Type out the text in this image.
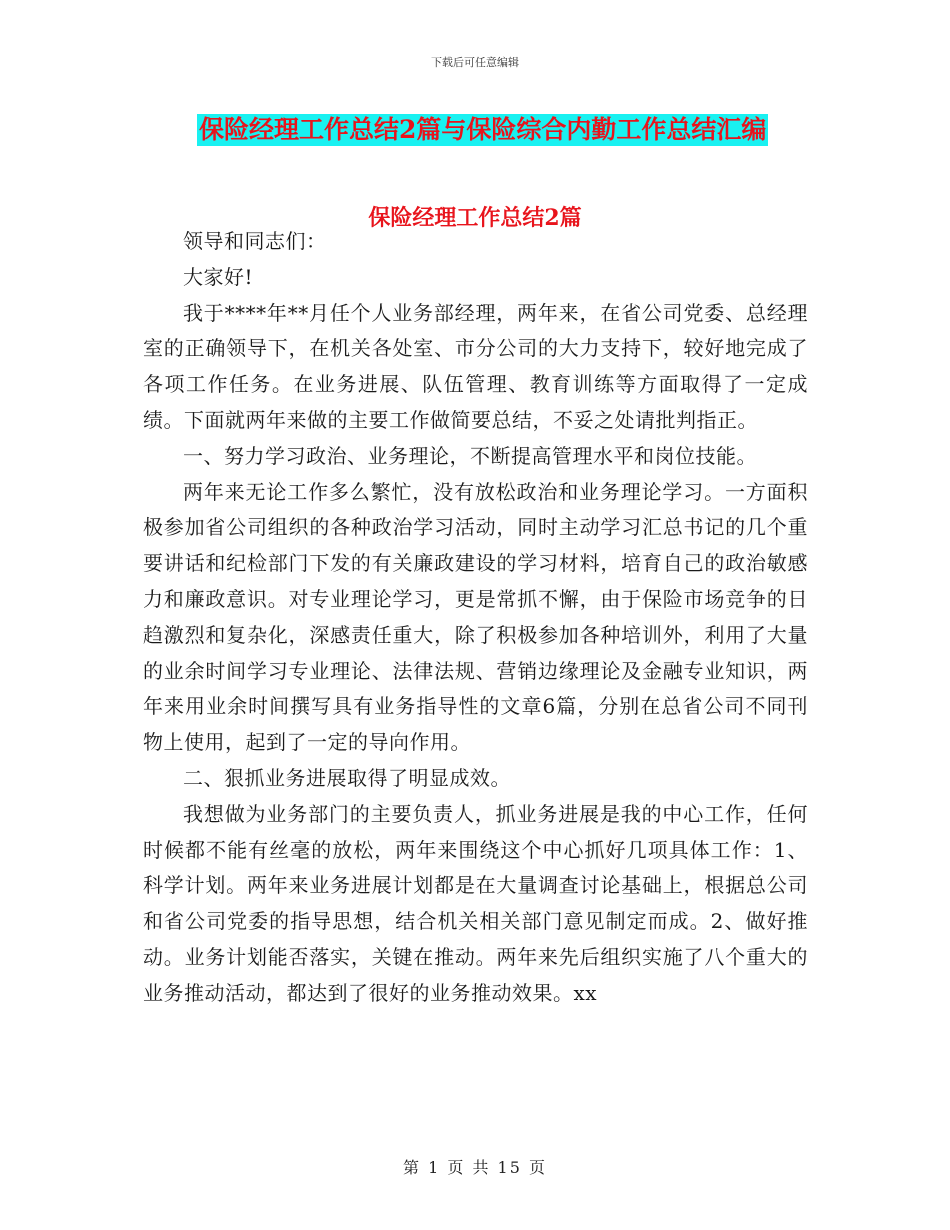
下载后可任意编辑
保险经理工作总结2篇与保险综合内勤工作总结汇编
保险经理工作总结2篇

领导和同志们：

大家好!

我于****年**月任个人业务部经理，两年来，在省公司党委、总经理室的正确领导下，在机关各处室、市分公司的大力支持下，较好地完成了各项工作任务。在业务进展、队伍管理、教育训练等方面取得了一定成绩。下面就两年来做的主要工作做简要总结，不妥之处请批判指正。

一、努力学习政治、业务理论，不断提高管理水平和岗位技能。

两年来无论工作多么繁忙，没有放松政治和业务理论学习。一方面积极参加省公司组织的各种政治学习活动，同时主动学习汇总书记的几个重要讲话和纪检部门下发的有关廉政建设的学习材料，培育自己的政治敏感力和廉政意识。对专业理论学习，更是常抓不懈，由于保险市场竞争的日趋激烈和复杂化，深感责任重大，除了积极参加各种培训外，利用了大量的业余时间学习专业理论、法律法规、营销边缘理论及金融专业知识，两年来用业余时间撰写具有业务指导性的文章6篇，分别在总省公司不同刊物上使用，起到了一定的导向作用。

二、狠抓业务进展取得了明显成效。

我想做为业务部门的主要负责人，抓业务进展是我的中心工作，任何时候都不能有丝毫的放松，两年来围绕这个中心抓好几项具体工作：1、科学计划。两年来业务进展计划都是在大量调查讨论基础上，根据总公司和省公司党委的指导思想，结合机关相关部门意见制定而成。2、做好推动。业务计划能否落实，关键在推动。两年来先后组织实施了八个重大的业务推动活动，都达到了很好的业务推动效果。xx

第 1 页 共 15 页
